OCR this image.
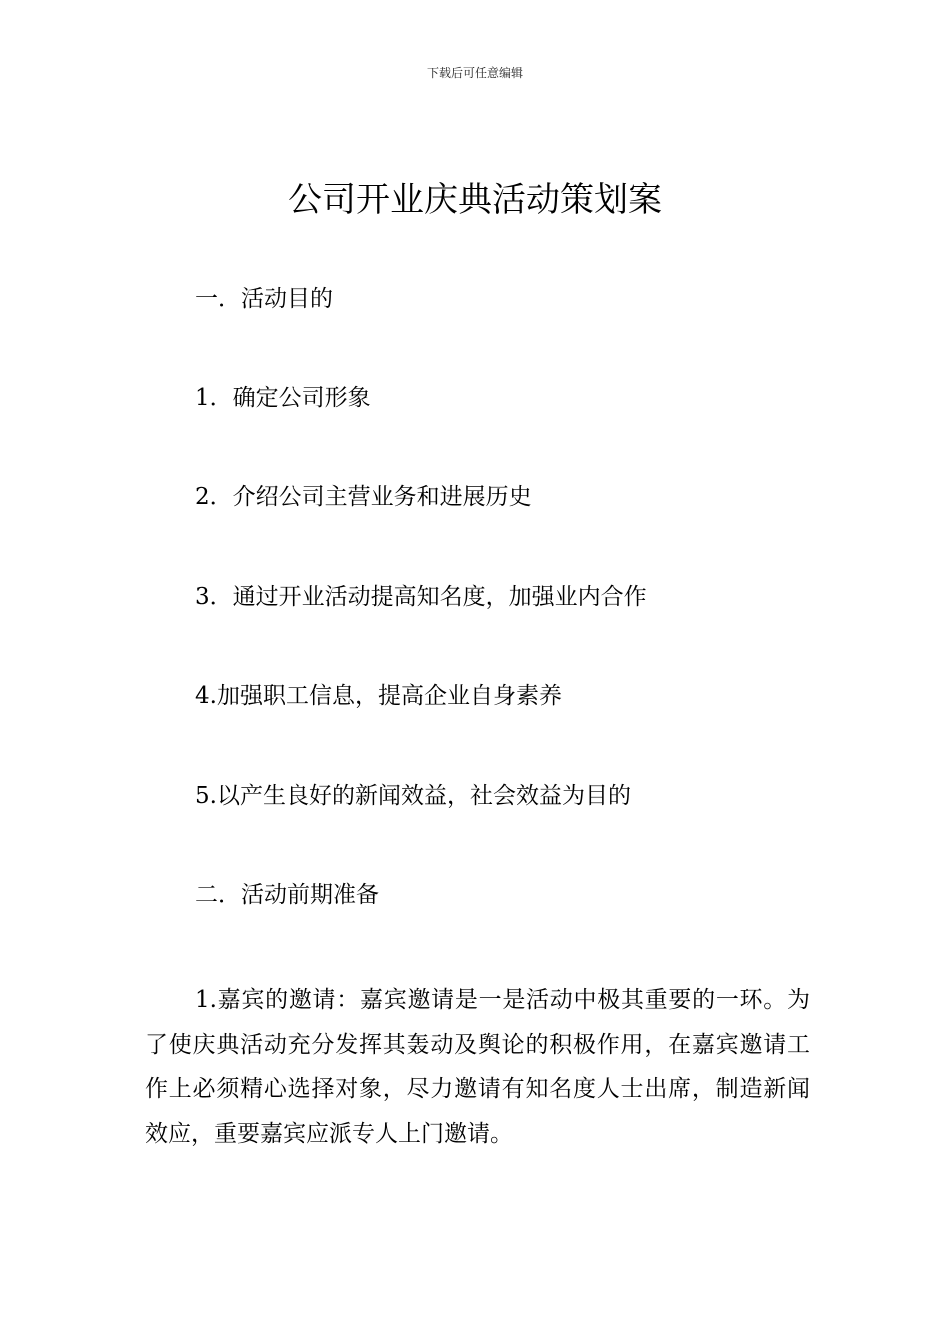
下载后可任意编辑
公司开业庆典活动策划案

一．活动目的

1．确定公司形象

2．介绍公司主营业务和进展历史

3．通过开业活动提高知名度，加强业内合作

4.加强职工信息，提高企业自身素养

5.以产生良好的新闻效益，社会效益为目的

二．活动前期准备

1.嘉宾的邀请：嘉宾邀请是一是活动中极其重要的一环。为了使庆典活动充分发挥其轰动及舆论的积极作用，在嘉宾邀请工作上必须精心选择对象，尽力邀请有知名度人士出席，制造新闻效应，重要嘉宾应派专人上门邀请。
